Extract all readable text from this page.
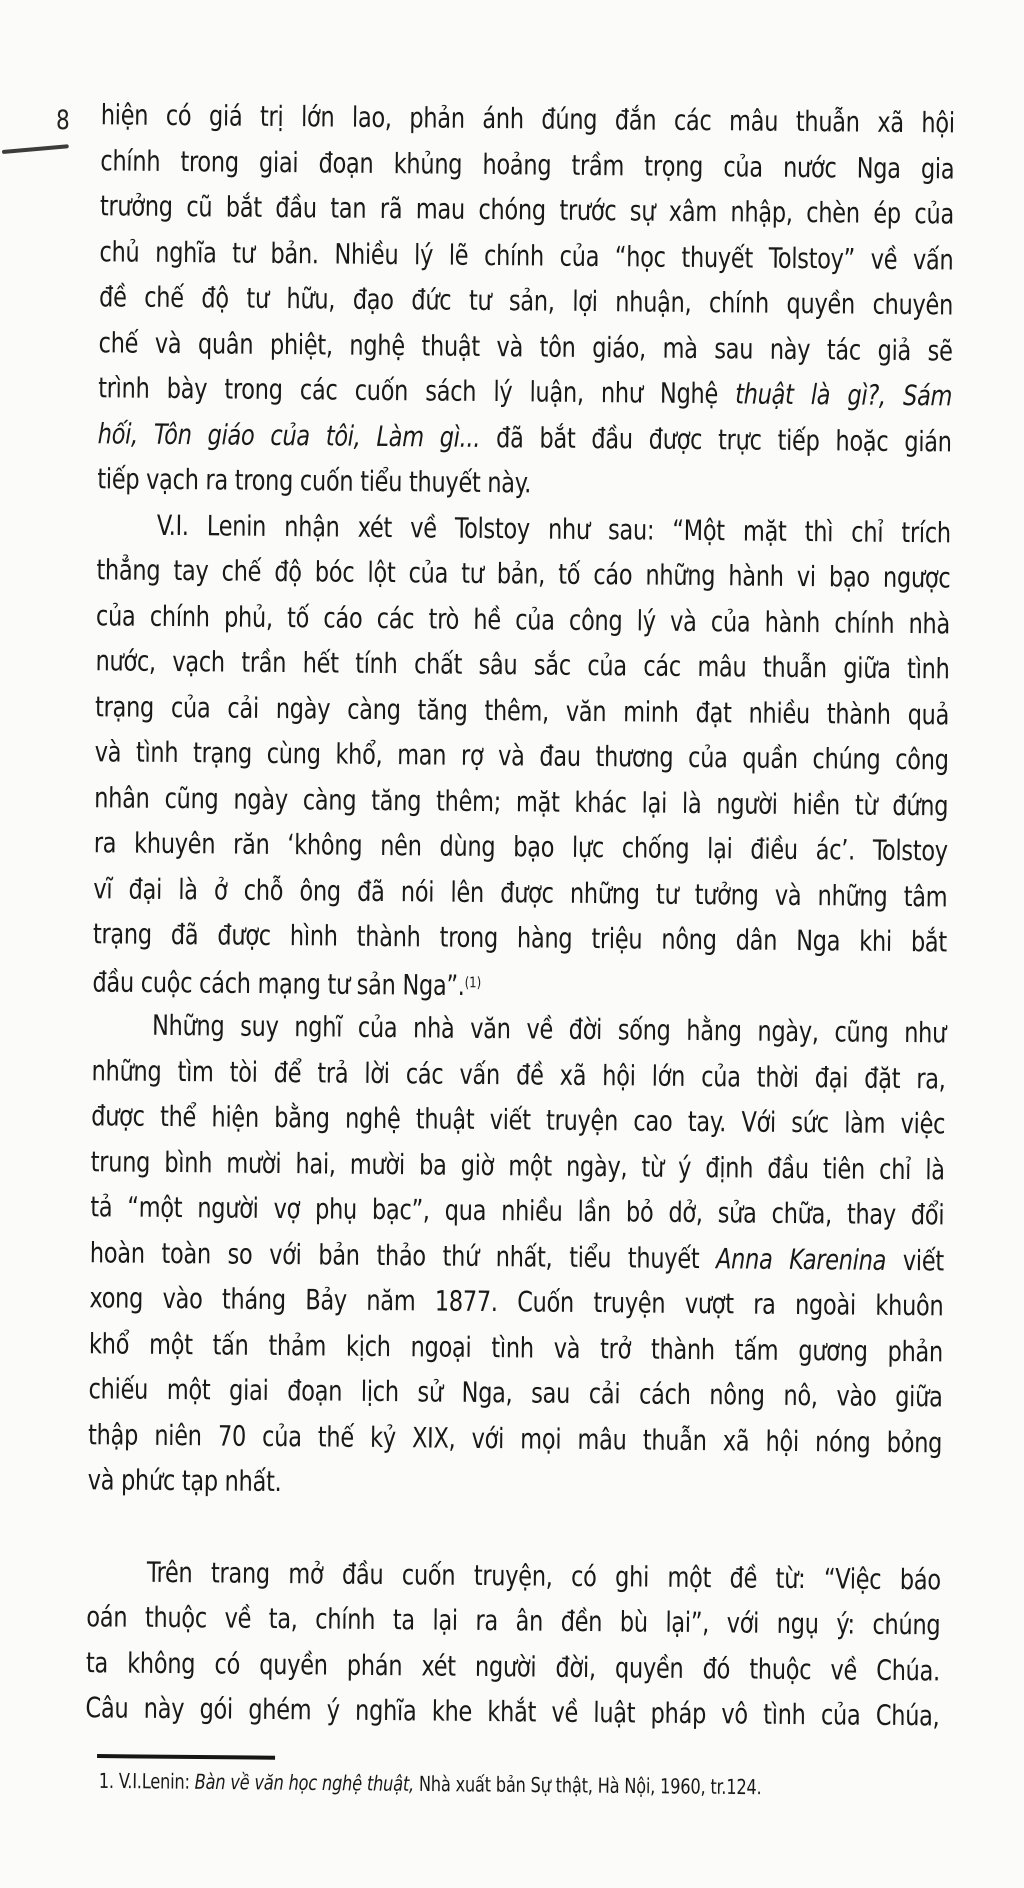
8 hiện có giá trị lớn lao, phản ánh đúng đắn các mâu thuẫn xã hội
chính trong giai đoạn khủng hoảng trầm trọng của nước Nga gia
trưởng cũ bắt đầu tan rã mau chóng trước sự xâm nhập, chèn ép của
chủ nghĩa tư bản. Nhiều lý lẽ chính của “học thuyết Tolstoy” về vấn
đề chế độ tư hữu, đạo đức tư sản, lợi nhuận, chính quyền chuyên
chế và quân phiệt, nghệ thuật và tôn giáo, mà sau này tác giả sẽ
trình bày trong các cuốn sách lý luận, như Nghệ thuật là gì?, Sám
hối, Tôn giáo của tôi, Làm gì... đã bắt đầu được trực tiếp hoặc gián
tiếp vạch ra trong cuốn tiểu thuyết này.
V.I. Lenin nhận xét về Tolstoy như sau: “Một mặt thì chỉ trích
thẳng tay chế độ bóc lột của tư bản, tố cáo những hành vi bạo ngược
của chính phủ, tố cáo các trò hề của công lý và của hành chính nhà
nước, vạch trần hết tính chất sâu sắc của các mâu thuẫn giữa tình
trạng của cải ngày càng tăng thêm, văn minh đạt nhiều thành quả
và tình trạng cùng khổ, man rợ và đau thương của quần chúng công
nhân cũng ngày càng tăng thêm; mặt khác lại là người hiền từ đứng
ra khuyên răn ‘không nên dùng bạo lực chống lại điều ác’. Tolstoy
vĩ đại là ở chỗ ông đã nói lên được những tư tưởng và những tâm
trạng đã được hình thành trong hàng triệu nông dân Nga khi bắt
đầu cuộc cách mạng tư sản Nga”.$^{(1)}$
Những suy nghĩ của nhà văn về đời sống hằng ngày, cũng như
những tìm tòi để trả lời các vấn đề xã hội lớn của thời đại đặt ra,
được thể hiện bằng nghệ thuật viết truyện cao tay. Với sức làm việc
trung bình mười hai, mười ba giờ một ngày, từ ý định đầu tiên chỉ là
tả “một người vợ phụ bạc”, qua nhiều lần bỏ dở, sửa chữa, thay đổi
hoàn toàn so với bản thảo thứ nhất, tiểu thuyết Anna Karenina viết
xong vào tháng Bảy năm 1877. Cuốn truyện vượt ra ngoài khuôn
khổ một tấn thảm kịch ngoại tình và trở thành tấm gương phản
chiếu một giai đoạn lịch sử Nga, sau cải cách nông nô, vào giữa
thập niên 70 của thế kỷ XIX, với mọi mâu thuẫn xã hội nóng bỏng
và phức tạp nhất.
Trên trang mở đầu cuốn truyện, có ghi một đề từ: “Việc báo
oán thuộc về ta, chính ta lại ra ân đền bù lại”, với ngụ ý: chúng
ta không có quyền phán xét người đời, quyền đó thuộc về Chúa.
Câu này gói ghém ý nghĩa khe khắt về luật pháp vô tình của Chúa,
1. V.I.Lenin: Bàn về văn học nghệ thuật, Nhà xuất bản Sự thật, Hà Nội, 1960, tr.124.
